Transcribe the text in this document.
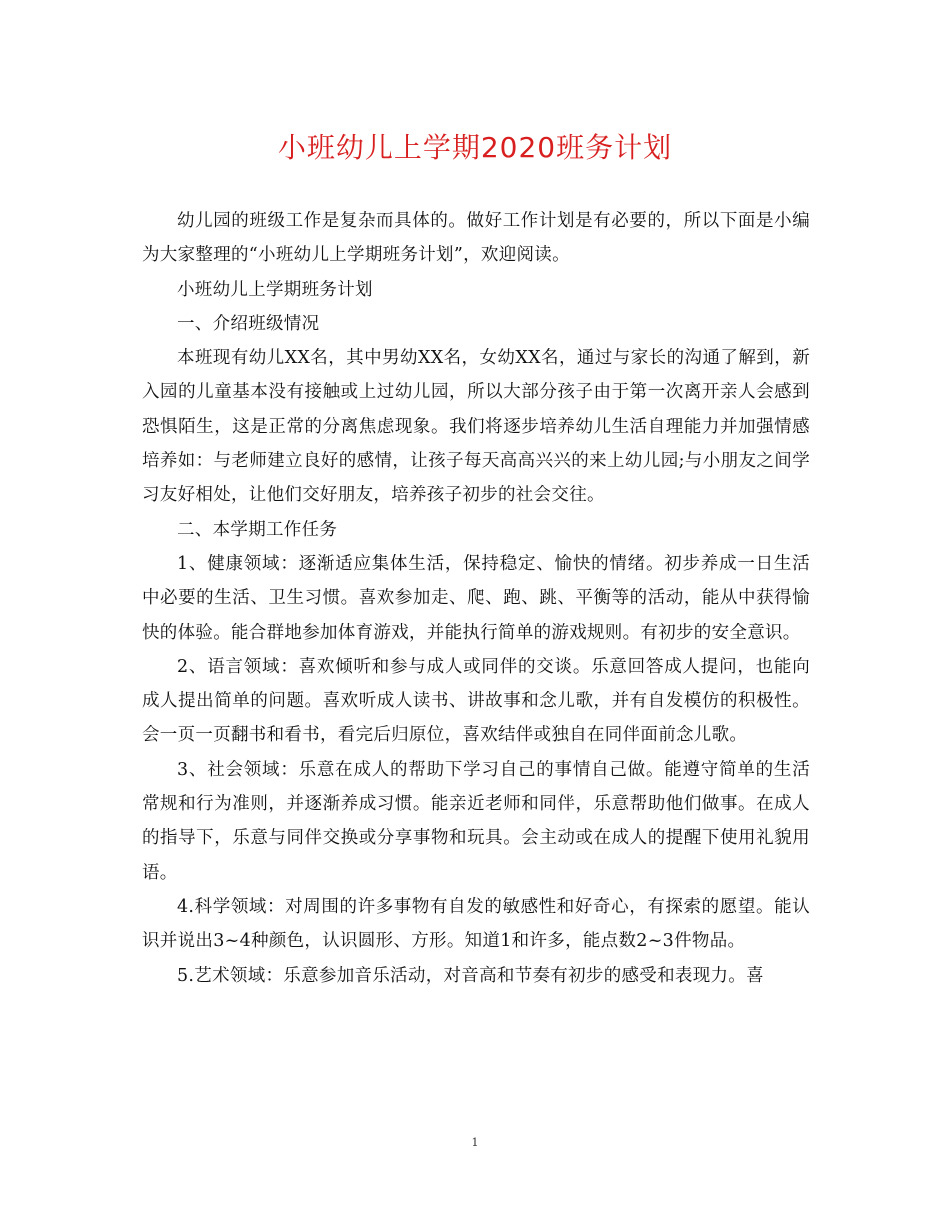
小班幼儿上学期2020班务计划

幼儿园的班级工作是复杂而具体的。做好工作计划是有必要的，所以下面是小编为大家整理的“小班幼儿上学期班务计划”，欢迎阅读。

小班幼儿上学期班务计划

一、介绍班级情况

本班现有幼儿XX名，其中男幼XX名，女幼XX名，通过与家长的沟通了解到，新入园的儿童基本没有接触或上过幼儿园，所以大部分孩子由于第一次离开亲人会感到恐惧陌生，这是正常的分离焦虑现象。我们将逐步培养幼儿生活自理能力并加强情感培养如：与老师建立良好的感情，让孩子每天高高兴兴的来上幼儿园;与小朋友之间学习友好相处，让他们交好朋友，培养孩子初步的社会交往。

二、本学期工作任务

1、健康领域：逐渐适应集体生活，保持稳定、愉快的情绪。初步养成一日生活中必要的生活、卫生习惯。喜欢参加走、爬、跑、跳、平衡等的活动，能从中获得愉快的体验。能合群地参加体育游戏，并能执行简单的游戏规则。有初步的安全意识。

2、语言领域：喜欢倾听和参与成人或同伴的交谈。乐意回答成人提问，也能向成人提出简单的问题。喜欢听成人读书、讲故事和念儿歌，并有自发模仿的积极性。会一页一页翻书和看书，看完后归原位，喜欢结伴或独自在同伴面前念儿歌。

3、社会领域：乐意在成人的帮助下学习自己的事情自己做。能遵守简单的生活常规和行为准则，并逐渐养成习惯。能亲近老师和同伴，乐意帮助他们做事。在成人的指导下，乐意与同伴交换或分享事物和玩具。会主动或在成人的提醒下使用礼貌用语。

4.科学领域：对周围的许多事物有自发的敏感性和好奇心，有探索的愿望。能认识并说出3~4种颜色，认识圆形、方形。知道1和许多，能点数2~3件物品。

5.艺术领域：乐意参加音乐活动，对音高和节奏有初步的感受和表现力。喜

1
